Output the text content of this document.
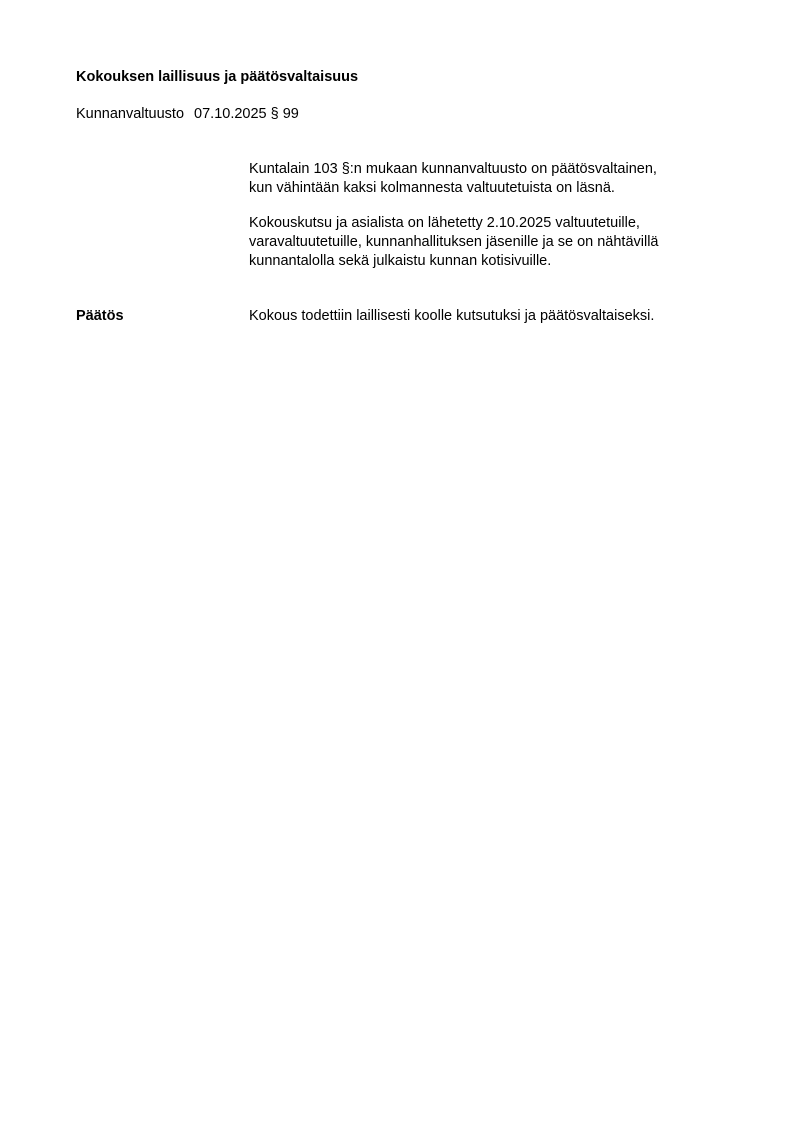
Kokouksen laillisuus ja päätösvaltaisuus
Kunnanvaltuusto 07.10.2025 § 99
Kuntalain 103 §:n mukaan kunnanvaltuusto on päätösvaltainen,
kun vähintään kaksi kolmannesta valtuutetuista on läsnä.
Kokouskutsu ja asialista on lähetetty 2.10.2025 valtuutetuille,
varavaltuutetuille, kunnanhallituksen jäsenille ja se on nähtävillä
kunnantalolla sekä julkaistu kunnan kotisivuille.
Päätös	Kokous todettiin laillisesti koolle kutsutuksi ja päätösvaltaiseksi.
